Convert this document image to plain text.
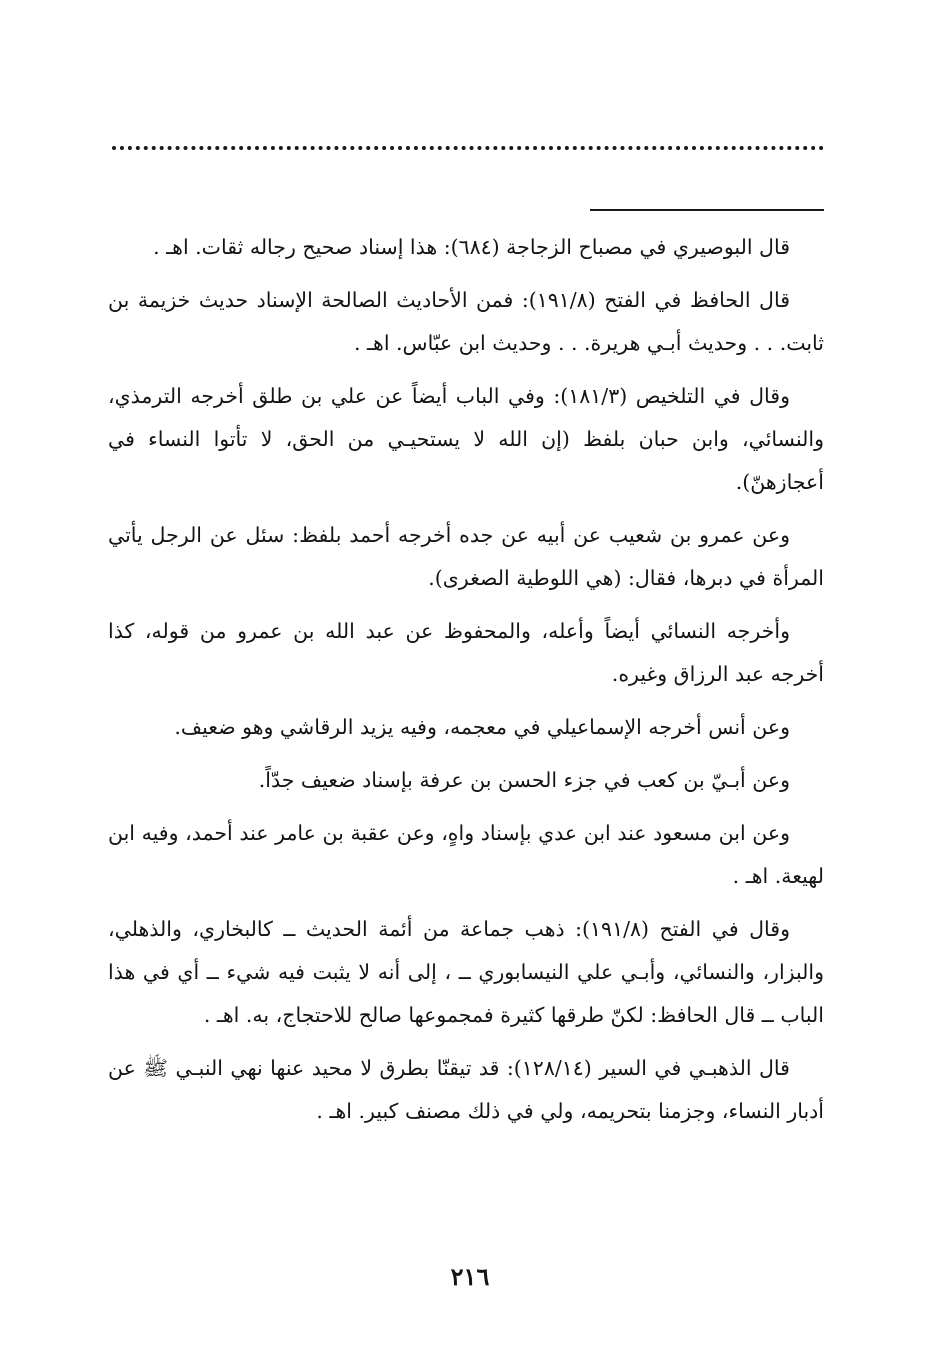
قال البوصيري في مصباح الزجاجة (٦٨٤): هذا إسناد صحيح رجاله ثقات. اهـ .

قال الحافظ في الفتح (١٩١/٨): فمن الأحاديث الصالحة الإسناد حديث خزيمة بن ثابت. . . وحديث أبـي هريرة. . . وحديث ابن عبّاس. اهـ .

وقال في التلخيص (١٨١/٣): وفي الباب أيضاً عن علي بن طلق أخرجه الترمذي، والنسائي، وابن حبان بلفظ (إن الله لا يستحيـي من الحق، لا تأتوا النساء في أعجازهنّ).

وعن عمرو بن شعيب عن أبيه عن جده أخرجه أحمد بلفظ: سئل عن الرجل يأتي المرأة في دبرها، فقال: (هي اللوطية الصغرى).

وأخرجه النسائي أيضاً وأعله، والمحفوظ عن عبد الله بن عمرو من قوله، كذا أخرجه عبد الرزاق وغيره.

وعن أنس أخرجه الإسماعيلي في معجمه، وفيه يزيد الرقاشي وهو ضعيف.

وعن أبـيّ بن كعب في جزء الحسن بن عرفة بإسناد ضعيف جدّاً.

وعن ابن مسعود عند ابن عدي بإسناد واهٍ، وعن عقبة بن عامر عند أحمد، وفيه ابن لهيعة. اهـ .

وقال في الفتح (١٩١/٨): ذهب جماعة من أئمة الحديث ــ كالبخاري، والذهلي، والبزار، والنسائي، وأبـي علي النيسابوري ــ ، إلى أنه لا يثبت فيه شيء ــ أي في هذا الباب ــ قال الحافظ: لكنّ طرقها كثيرة فمجموعها صالح للاحتجاج، به. اهـ .

قال الذهبـي في السير (١٢٨/١٤): قد تيقنّا بطرق لا محيد عنها نهي النبـي ﷺ عن أدبار النساء، وجزمنا بتحريمه، ولي في ذلك مصنف كبير. اهـ .

٢١٦
